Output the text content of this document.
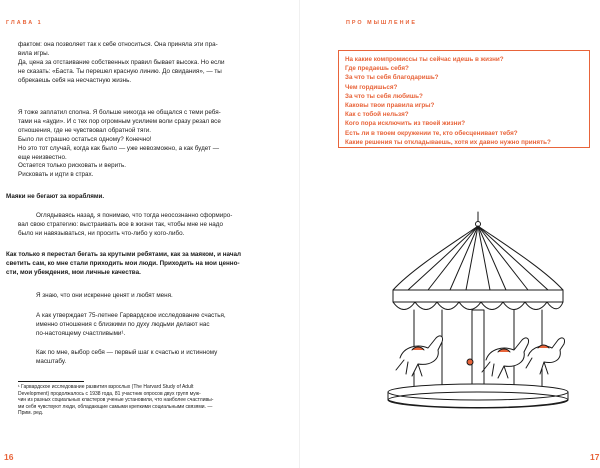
ГЛАВА 1
фактом: она позволяет так к себе относиться. Она приняла эти пра-
вила игры.
Да, цена за отстаивание собственных правил бывает высока. Но если
не сказать: «Баста. Ты перешел красную линию. До свидания», — ты
обрекаешь себя на несчастную жизнь.
Я тоже заплатил сполна. Я больше никогда не общался с теми ребя-
тами на «ауди». И с тех пор огромным усилием воли сразу резал все
отношения, где не чувствовал обратной тяги.
Было ли страшно остаться одному? Конечно!
Но это тот случай, когда как было — уже невозможно, а как будет —
еще неизвестно.
Остается только рисковать и верить.
Рисковать и идти в страх.
Маяки не бегают за кораблями.
Оглядываясь назад, я понимаю, что тогда неосознанно сформиро-
вал свою стратегию: выстраивать все в жизни так, чтобы мне не надо
было ни навязываться, ни просить что-либо у кого-либо.
Как только я перестал бегать за крутыми ребятами, как за маяком, и начал
светить сам, ко мне стали приходить мои люди. Приходить на мои ценно-
сти, мои убеждения, мои личные качества.
Я знаю, что они искренне ценят и любят меня.
А как утверждает 75-летнее Гарвардское исследование счастья,
именно отношения с близкими по духу людьми делают нас
по-настоящему счастливыми¹.
Как по мне, выбор себя — первый шаг к счастью и истинному
масштабу.
¹ Гарвардское исследование развития взрослых (The Harvard Study of Adult
Development) продолжалось с 1938 года, 81 участник опросов двух групп муж-
чин из разных социальных кластеров ученые установили, что наиболее счастливы-
ми себя чувствуют люди, обладающие самыми крепкими социальными связями. —
Прим. ред.
16
ПРО МЫШЛЕНИЕ
На какие компромиссы ты сейчас идешь в жизни?
Где предаешь себя?
За что ты себя благодаришь?
Чем гордишься?
За что ты себя любишь?
Каковы твои правила игры?
Как с тобой нельзя?
Кого пора исключить из твоей жизни?
Есть ли в твоем окружении те, кто обесценивает тебя?
Какие решения ты откладываешь, хотя их давно нужно принять?
17
